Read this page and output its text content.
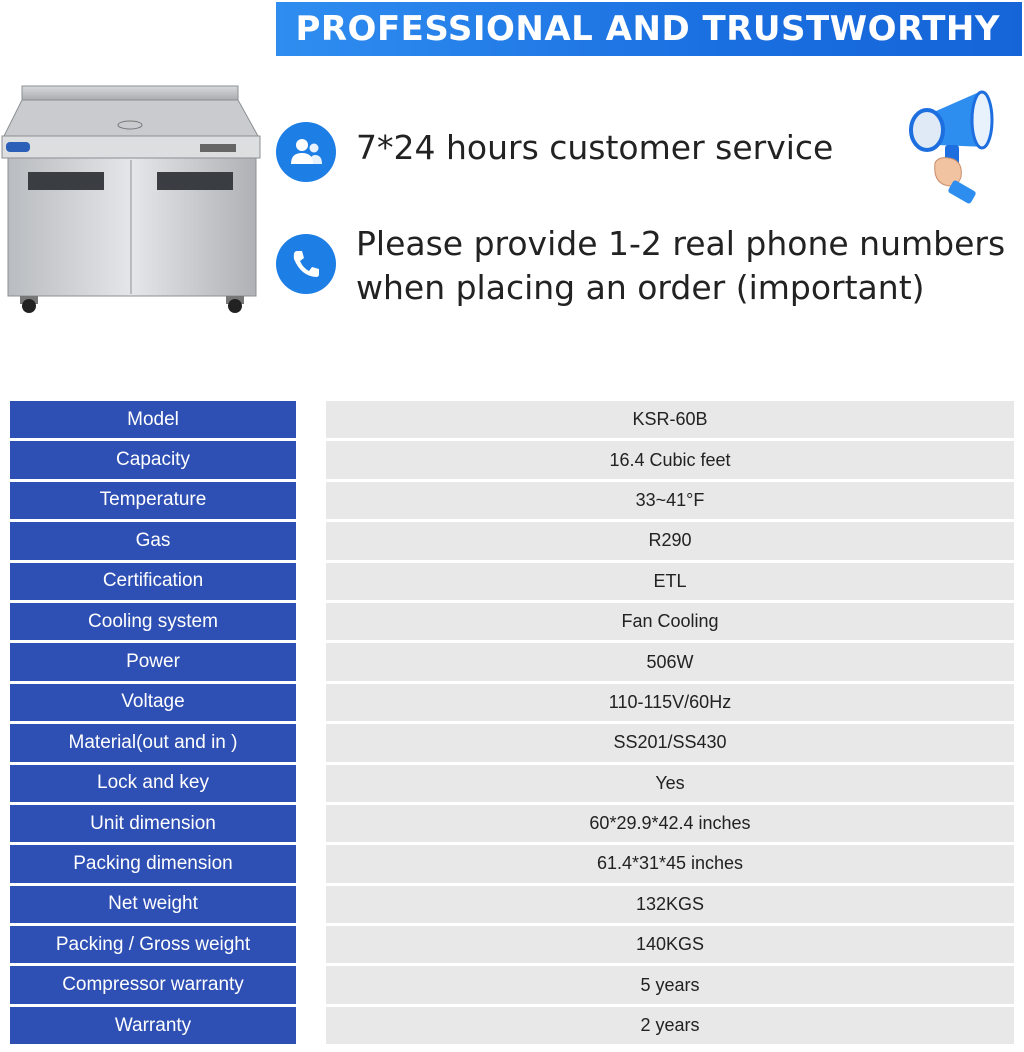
PROFESSIONAL AND TRUSTWORTHY
7*24 hours customer service
Please provide 1-2 real phone numbers
when placing an order (important)
Model	KSR-60B
Capacity	16.4 Cubic feet
Temperature	33~41°F
Gas	R290
Certification	ETL
Cooling system	Fan Cooling
Power	506W
Voltage	110-115V/60Hz
Material(out and in )	SS201/SS430
Lock and key	Yes
Unit dimension	60*29.9*42.4 inches
Packing dimension	61.4*31*45 inches
Net weight	132KGS
Packing / Gross weight	140KGS
Compressor warranty	5 years
Warranty	2 years
